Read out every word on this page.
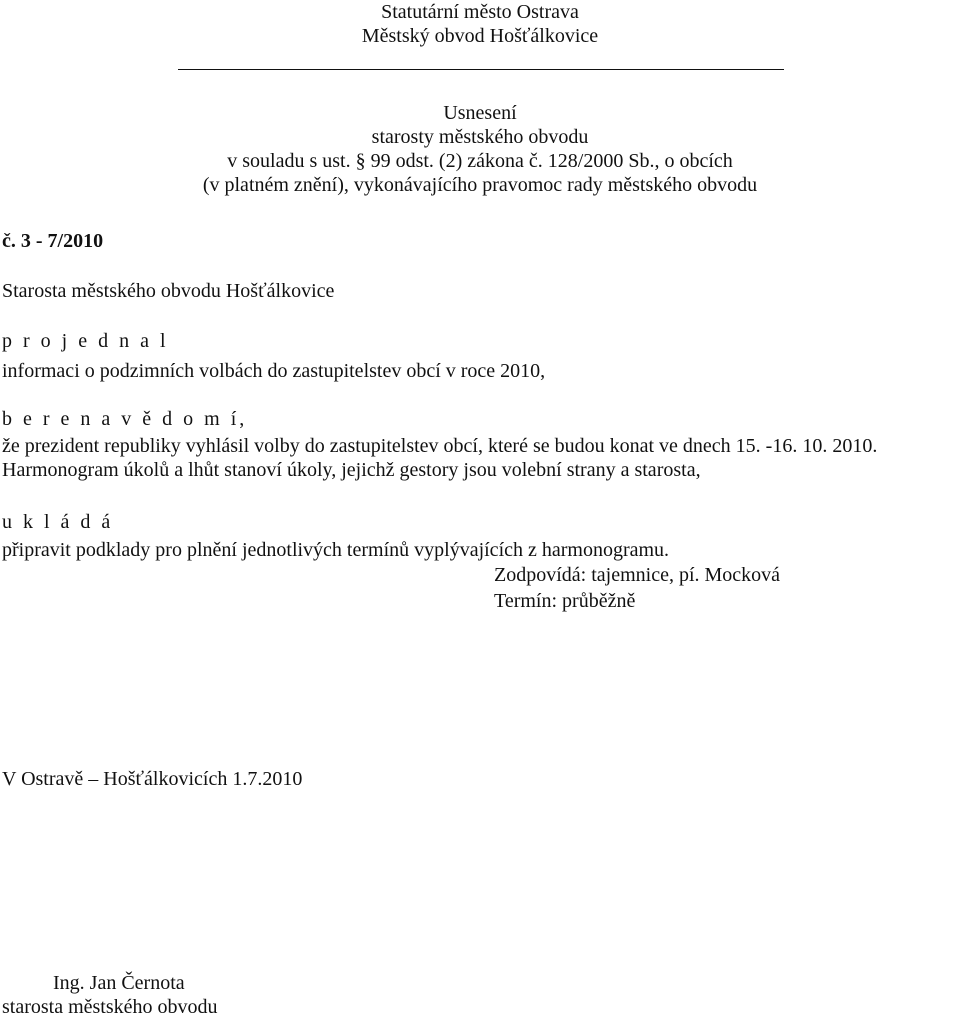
Statutární město Ostrava
Městský obvod Hošťálkovice
Usnesení
starosty městského obvodu
v souladu s ust. § 99 odst. (2) zákona č. 128/2000 Sb., o obcích
(v platném znění), vykonávajícího pravomoc rady městského obvodu
č. 3 - 7/2010
Starosta městského obvodu Hošťálkovice
p r o j e d n a l
informaci o podzimních volbách do zastupitelstev obcí v roce 2010,
b e r e n a v ě d o m í,
že prezident republiky vyhlásil volby do zastupitelstev obcí, které se budou konat ve dnech 15. -16. 10. 2010. Harmonogram úkolů a lhůt stanoví úkoly, jejichž gestory jsou volební strany a starosta,
u k l á d á
připravit podklady pro plnění jednotlivých termínů vyplývajících z harmonogramu.
Zodpovídá: tajemnice, pí. Mocková
Termín: průběžně
V Ostravě – Hošťálkovicích 1.7.2010
Ing. Jan Černota
starosta městského obvodu
